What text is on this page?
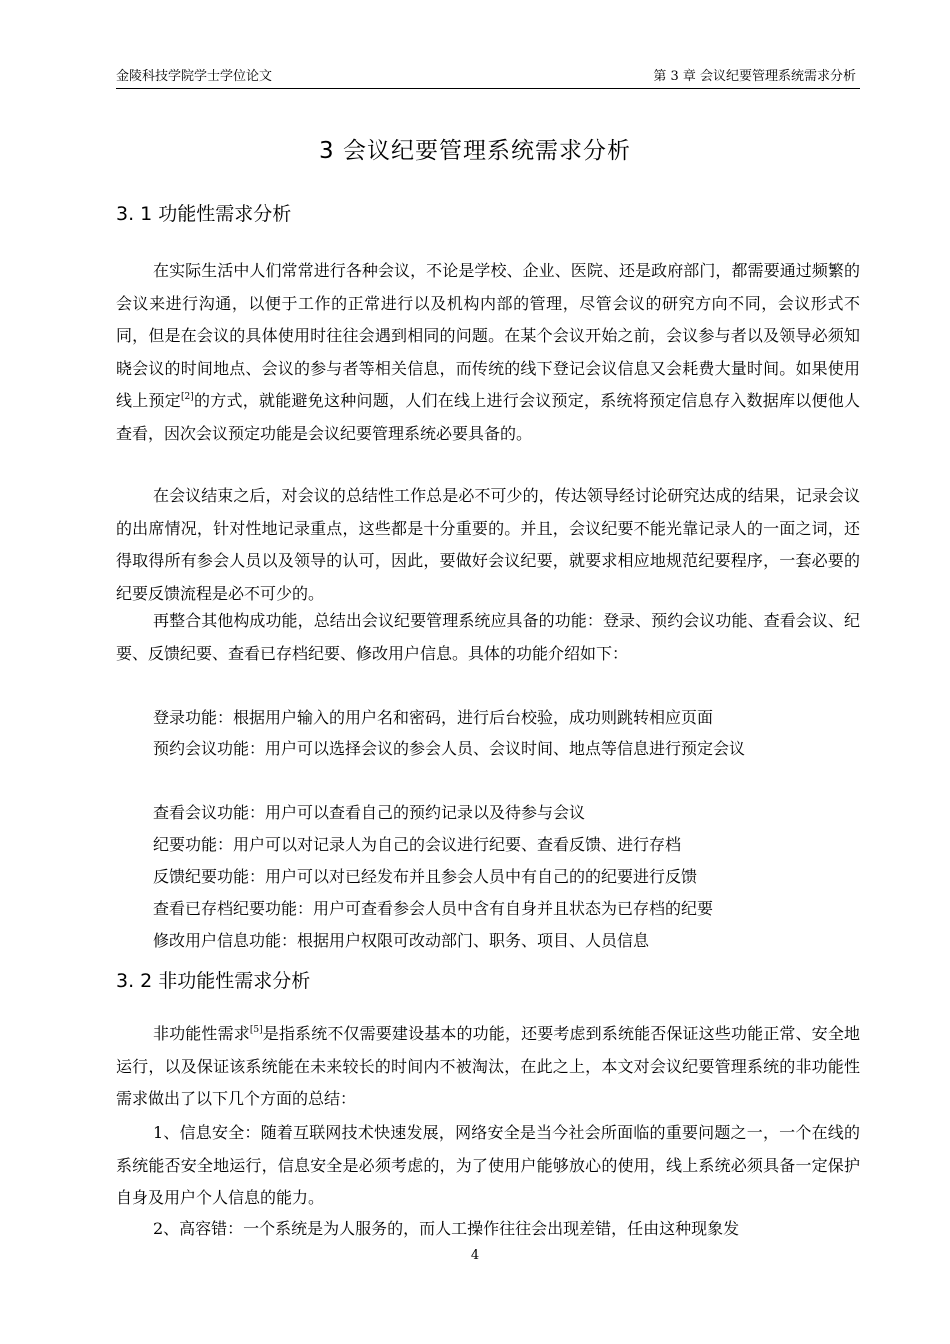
金陵科技学院学士学位论文	第 3 章 会议纪要管理系统需求分析
3 会议纪要管理系统需求分析
3. 1 功能性需求分析
在实际生活中人们常常进行各种会议，不论是学校、企业、医院、还是政府部门，都需要通过频繁的会议来进行沟通，以便于工作的正常进行以及机构内部的管理，尽管会议的研究方向不同，会议形式不同，但是在会议的具体使用时往往会遇到相同的问题。在某个会议开始之前，会议参与者以及领导必须知晓会议的时间地点、会议的参与者等相关信息，而传统的线下登记会议信息又会耗费大量时间。如果使用线上预定[2]的方式，就能避免这种问题，人们在线上进行会议预定，系统将预定信息存入数据库以便他人查看，因次会议预定功能是会议纪要管理系统必要具备的。
在会议结束之后，对会议的总结性工作总是必不可少的，传达领导经讨论研究达成的结果，记录会议的出席情况，针对性地记录重点，这些都是十分重要的。并且，会议纪要不能光靠记录人的一面之词，还得取得所有参会人员以及领导的认可，因此，要做好会议纪要，就要求相应地规范纪要程序，一套必要的纪要反馈流程是必不可少的。
再整合其他构成功能，总结出会议纪要管理系统应具备的功能：登录、预约会议功能、查看会议、纪要、反馈纪要、查看已存档纪要、修改用户信息。具体的功能介绍如下：
登录功能：根据用户输入的用户名和密码，进行后台校验，成功则跳转相应页面
预约会议功能：用户可以选择会议的参会人员、会议时间、地点等信息进行预定会议
查看会议功能：用户可以查看自己的预约记录以及待参与会议
纪要功能：用户可以对记录人为自己的会议进行纪要、查看反馈、进行存档
反馈纪要功能：用户可以对已经发布并且参会人员中有自己的的纪要进行反馈
查看已存档纪要功能：用户可查看参会人员中含有自身并且状态为已存档的纪要
修改用户信息功能：根据用户权限可改动部门、职务、项目、人员信息
3. 2 非功能性需求分析
非功能性需求[5]是指系统不仅需要建设基本的功能，还要考虑到系统能否保证这些功能正常、安全地运行，以及保证该系统能在未来较长的时间内不被淘汰，在此之上，本文对会议纪要管理系统的非功能性需求做出了以下几个方面的总结：
1、信息安全：随着互联网技术快速发展，网络安全是当今社会所面临的重要问题之一，一个在线的系统能否安全地运行，信息安全是必须考虑的，为了使用户能够放心的使用，线上系统必须具备一定保护自身及用户个人信息的能力。
2、高容错：一个系统是为人服务的，而人工操作往往会出现差错，任由这种现象发
4
